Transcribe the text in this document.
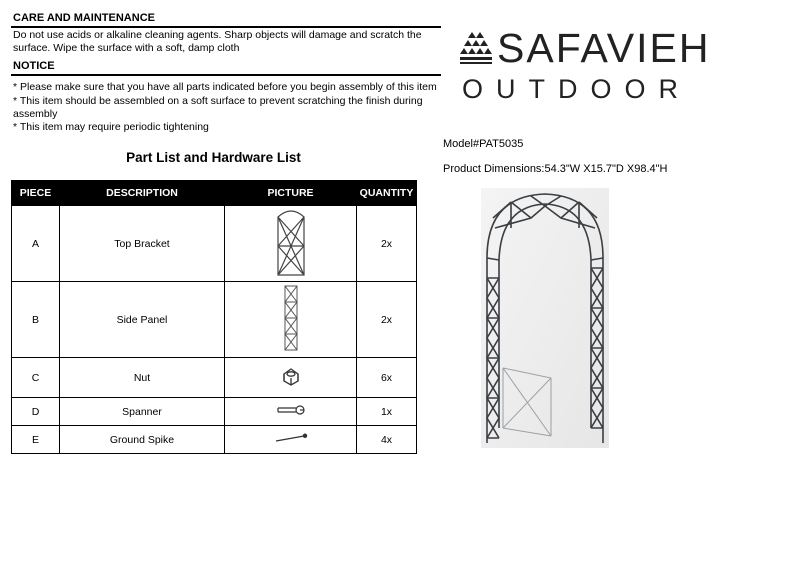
CARE AND MAINTENANCE
Do not use acids or alkaline cleaning agents. Sharp objects will damage and scratch the
surface. Wipe the surface with a soft, damp cloth
NOTICE
* Please make sure that you have all parts indicated before you begin assembly of this item
* This item should be assembled on a soft surface to prevent scratching the finish during
assembly
* This item may require periodic tightening
Part List and Hardware List
PIECE	DESCRIPTION	PICTURE	QUANTITY
A	Top Bracket		2x
B	Side Panel		2x
C	Nut		6x
D	Spanner		1x
E	Ground Spike		4x
SAFAVIEH
OUTDOOR
Model#PAT5035
Product Dimensions:54.3"W X15.7"D X98.4"H
